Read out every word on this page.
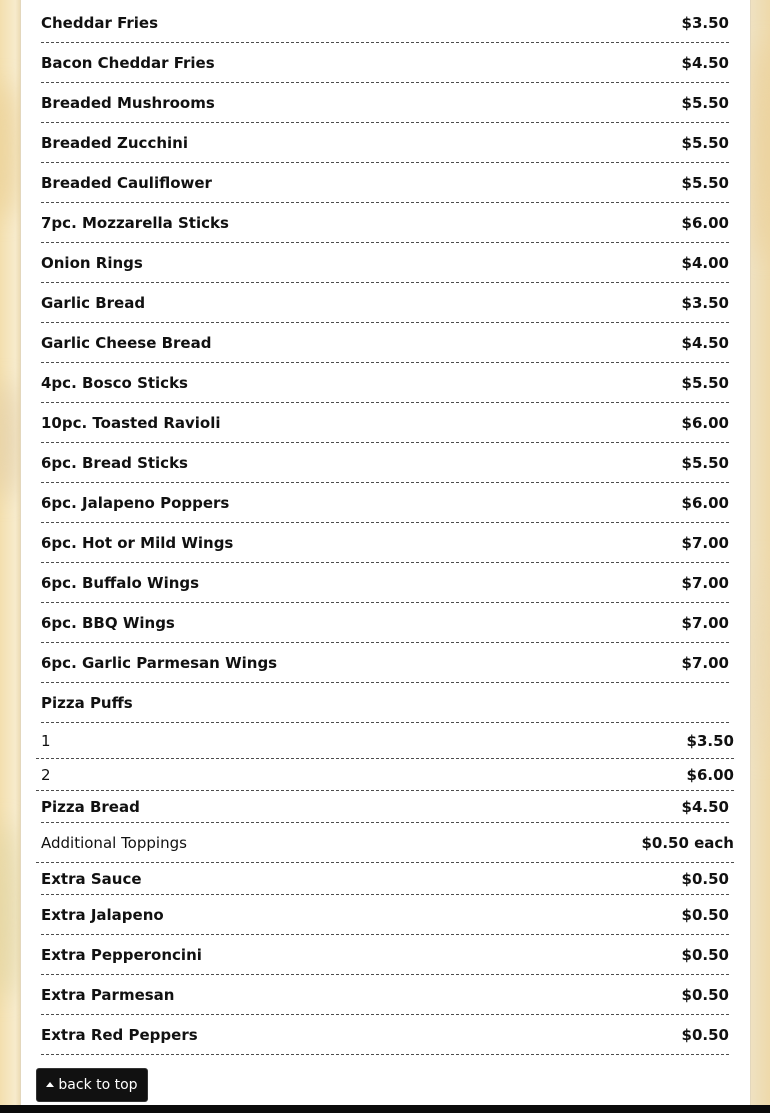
Cheddar Fries	$3.50
Bacon Cheddar Fries	$4.50
Breaded Mushrooms	$5.50
Breaded Zucchini	$5.50
Breaded Cauliflower	$5.50
7pc. Mozzarella Sticks	$6.00
Onion Rings	$4.00
Garlic Bread	$3.50
Garlic Cheese Bread	$4.50
4pc. Bosco Sticks	$5.50
10pc. Toasted Ravioli	$6.00
6pc. Bread Sticks	$5.50
6pc. Jalapeno Poppers	$6.00
6pc. Hot or Mild Wings	$7.00
6pc. Buffalo Wings	$7.00
6pc. BBQ Wings	$7.00
6pc. Garlic Parmesan Wings	$7.00
Pizza Puffs
1	$3.50
2	$6.00
Pizza Bread	$4.50
Additional Toppings	$0.50 each
Extra Sauce	$0.50
Extra Jalapeno	$0.50
Extra Pepperoncini	$0.50
Extra Parmesan	$0.50
Extra Red Peppers	$0.50
back to top
